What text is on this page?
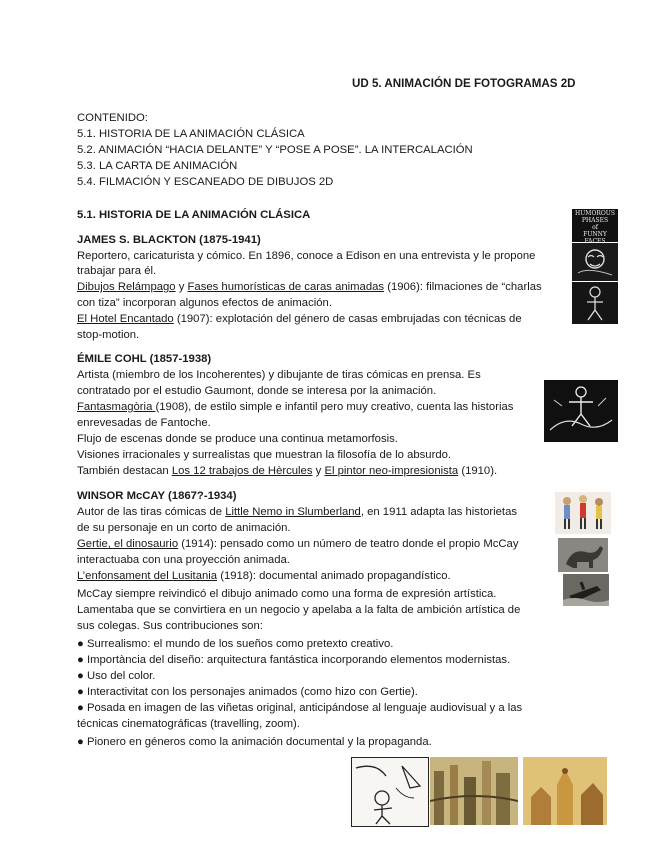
UD 5. ANIMACIÓN DE FOTOGRAMAS 2D
CONTENIDO:
5.1. HISTORIA DE LA ANIMACIÓN CLÁSICA
5.2. ANIMACIÓN “HACIA DELANTE” Y “POSE A POSE”. LA INTERCALACIÓN
5.3. LA CARTA DE ANIMACIÓN
5.4. FILMACIÓN Y ESCANEADO DE DIBUJOS 2D
5.1. HISTORIA DE LA ANIMACIÓN CLÁSICA
JAMES S. BLACKTON (1875-1941)
Reportero, caricaturista y cómico. En 1896, conoce a Edison en una entrevista y le propone
trabajar para él.
Dibujos Relámpago y Fases humorísticas de caras animadas (1906): filmaciones de “charlas
con tiza” incorporan algunos efectos de animación.
El Hotel Encantado (1907): explotación del género de casas embrujadas con técnicas de
stop-motion.
HUMOROUS
PHASES
of
FUNNY FACES
ÉMILE COHL (1857-1938)
Artista (miembro de los Incoherentes) y dibujante de tiras cómicas en prensa. Es
contratado por el estudio Gaumont, donde se interesa por la animación.
Fantasmagòria (1908), de estilo simple e infantil pero muy creativo, cuenta las historias
enrevesadas de Fantoche.
Flujo de escenas donde se produce una continua metamorfosis.
Visiones irracionales y surrealistas que muestran la filosofía de lo absurdo.
También destacan Los 12 trabajos de Hèrcules y El pintor neo-impresionista (1910).
WINSOR McCAY (1867?-1934)
Autor de las tiras cómicas de Little Nemo in Slumberland, en 1911 adapta las historietas
de su personaje en un corto de animación.
Gertie, el dinosaurio (1914): pensado como un número de teatro donde el propio McCay
interactuaba con una proyección animada.
L’enfonsament del Lusitania (1918): documental animado propagandístico.
McCay siempre reivindicó el dibujo animado como una forma de expresión artística.
Lamentaba que se convirtiera en un negocio y apelaba a la falta de ambición artística de
sus colegas. Sus contribuciones son:
● Surrealismo: el mundo de los sueños como pretexto creativo.
● Importància del diseño: arquitectura fantástica incorporando elementos modernistas.
● Uso del color.
● Interactivitat con los personajes animados (como hizo con Gertie).
● Posada en imagen de las viñetas original, anticipándose al lenguaje audiovisual y a las
técnicas cinematográficas (travelling, zoom).
● Pionero en géneros como la animación documental y la propaganda.
